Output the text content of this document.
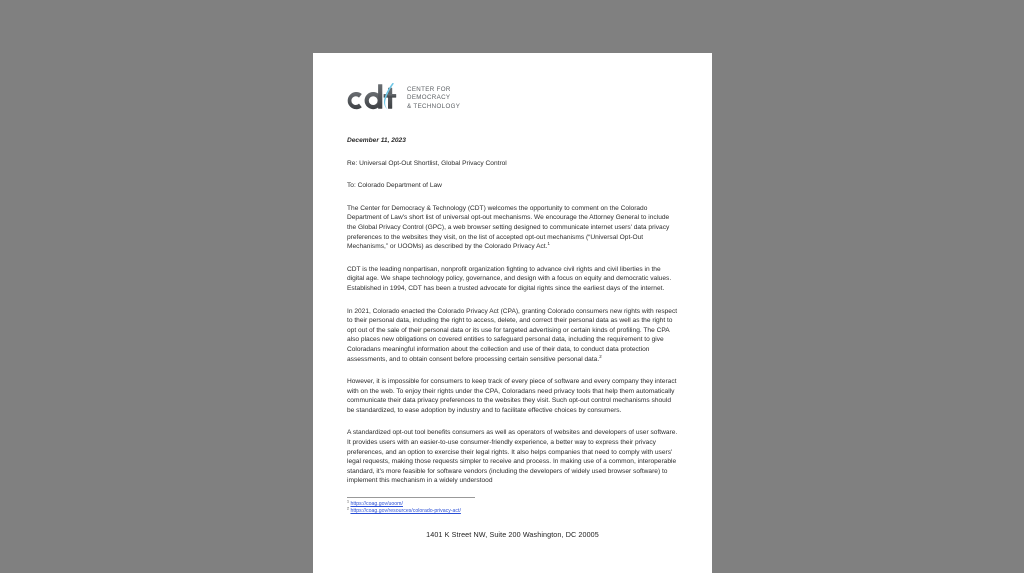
CENTER FOR
DEMOCRACY
& TECHNOLOGY

December 11, 2023

Re: Universal Opt-Out Shortlist, Global Privacy Control

To: Colorado Department of Law

The Center for Democracy & Technology (CDT) welcomes the opportunity to comment on the Colorado Department of Law's short list of universal opt-out mechanisms. We encourage the Attorney General to include the Global Privacy Control (GPC), a web browser setting designed to communicate internet users' data privacy preferences to the websites they visit, on the list of accepted opt-out mechanisms (“Universal Opt-Out Mechanisms,” or UOOMs) as described by the Colorado Privacy Act.$^1$

CDT is the leading nonpartisan, nonprofit organization fighting to advance civil rights and civil liberties in the digital age. We shape technology policy, governance, and design with a focus on equity and democratic values. Established in 1994, CDT has been a trusted advocate for digital rights since the earliest days of the internet.

In 2021, Colorado enacted the Colorado Privacy Act (CPA), granting Colorado consumers new rights with respect to their personal data, including the right to access, delete, and correct their personal data as well as the right to opt out of the sale of their personal data or its use for targeted advertising or certain kinds of profiling. The CPA also places new obligations on covered entities to safeguard personal data, including the requirement to give Coloradans meaningful information about the collection and use of their data, to conduct data protection assessments, and to obtain consent before processing certain sensitive personal data.$^2$

However, it is impossible for consumers to keep track of every piece of software and every company they interact with on the web. To enjoy their rights under the CPA, Coloradans need privacy tools that help them automatically communicate their data privacy preferences to the websites they visit. Such opt-out control mechanisms should be standardized, to ease adoption by industry and to facilitate effective choices by consumers.

A standardized opt-out tool benefits consumers as well as operators of websites and developers of user software. It provides users with an easier-to-use consumer-friendly experience, a better way to express their privacy preferences, and an option to exercise their legal rights. It also helps companies that need to comply with users' legal requests, making those requests simpler to receive and process. In making use of a common, interoperable standard, it's more feasible for software vendors (including the developers of widely used browser software) to implement this mechanism in a widely understood

$^1$ https://coag.gov/uoom/
$^2$ https://coag.gov/resources/colorado-privacy-act/
1401 K Street NW, Suite 200 Washington, DC 20005
